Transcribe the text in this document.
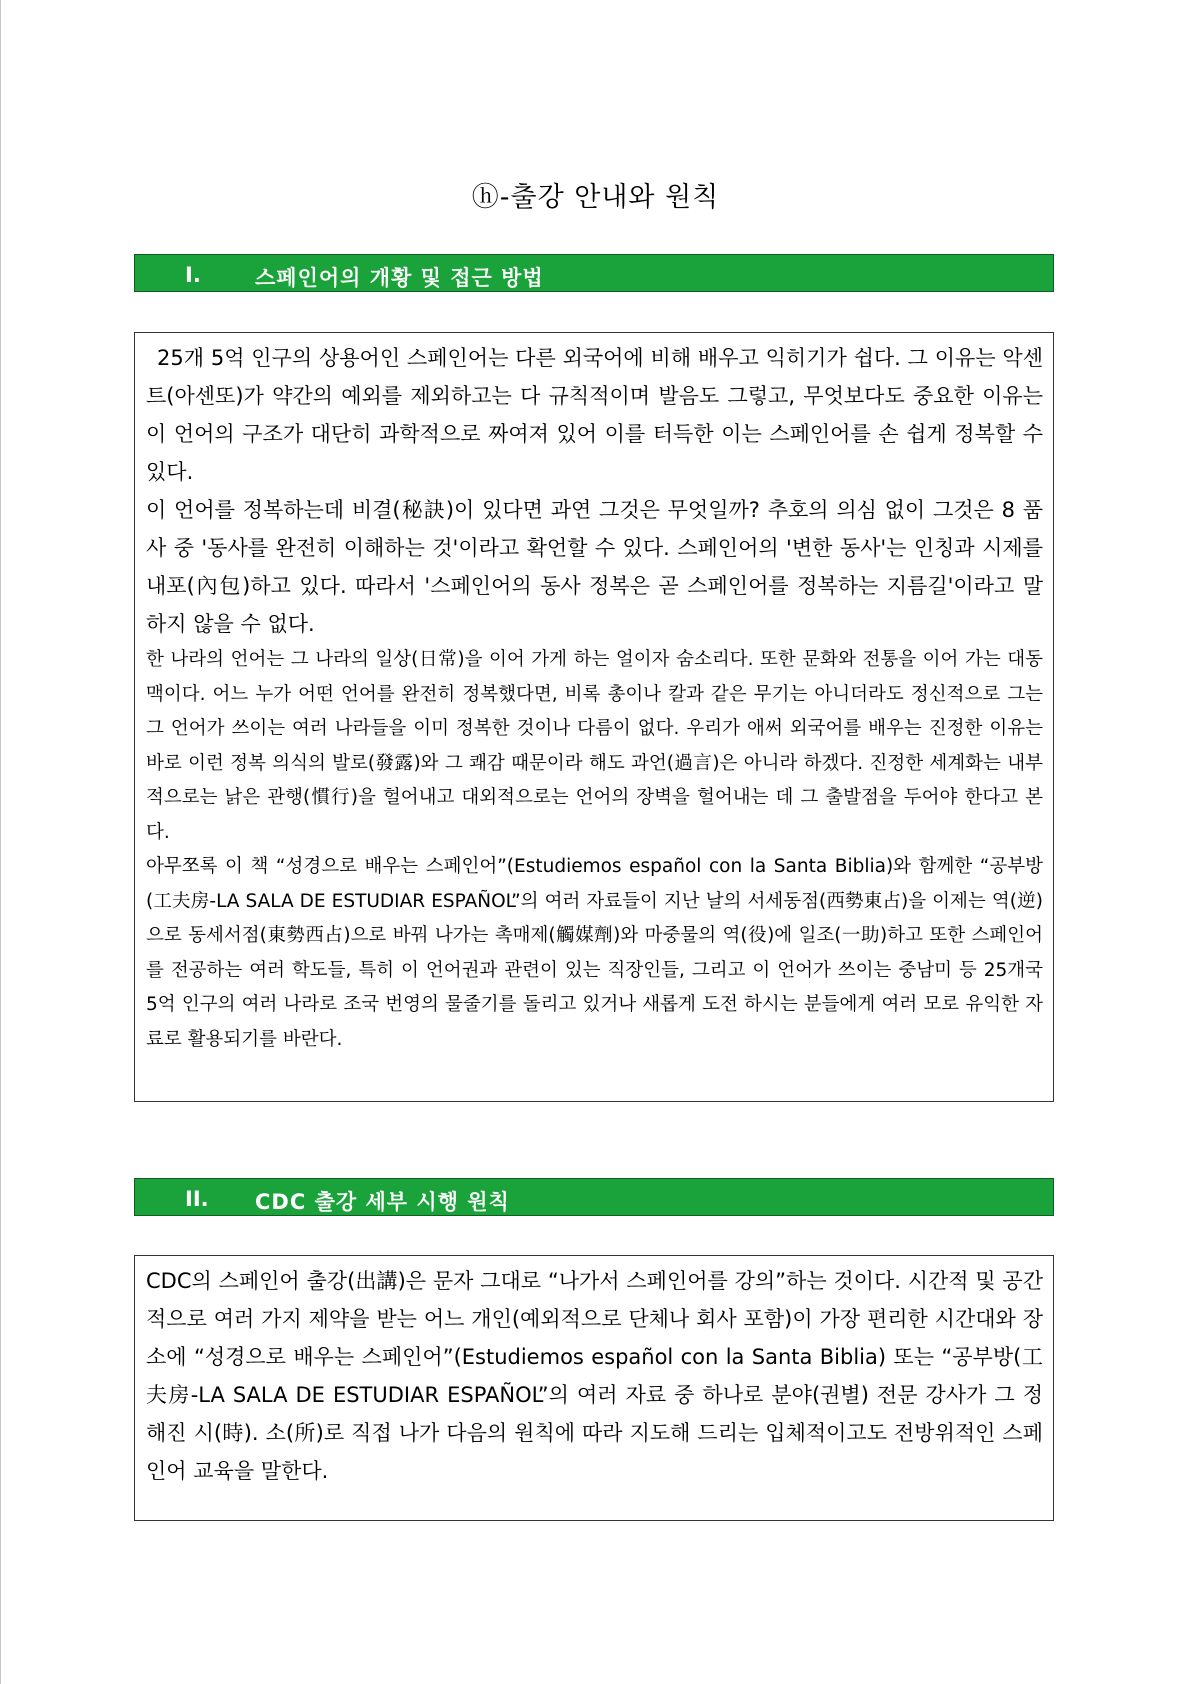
ⓗ-출강 안내와 원칙
I.	스페인어의 개황 및 접근 방법

25개 5억 인구의 상용어인 스페인어는 다른 외국어에 비해 배우고 익히기가 쉽다. 그 이유는 악센트(아센또)가 약간의 예외를 제외하고는 다 규칙적이며 발음도 그렇고, 무엇보다도 중요한 이유는 이 언어의 구조가 대단히 과학적으로 짜여져 있어 이를 터득한 이는 스페인어를 손 쉽게 정복할 수 있다.

이 언어를 정복하는데 비결(秘訣)이 있다면 과연 그것은 무엇일까? 추호의 의심 없이 그것은 8 품사 중 '동사를 완전히 이해하는 것'이라고 확언할 수 있다. 스페인어의 '변한 동사'는 인칭과 시제를 내포(內包)하고 있다. 따라서 '스페인어의 동사 정복은 곧 스페인어를 정복하는 지름길'이라고 말 하지 않을 수 없다.

한 나라의 언어는 그 나라의 일상(日常)을 이어 가게 하는 얼이자 숨소리다. 또한 문화와 전통을 이어 가는 대동맥이다. 어느 누가 어떤 언어를 완전히 정복했다면, 비록 총이나 칼과 같은 무기는 아니더라도 정신적으로 그는 그 언어가 쓰이는 여러 나라들을 이미 정복한 것이나 다름이 없다. 우리가 애써 외국어를 배우는 진정한 이유는 바로 이런 정복 의식의 발로(發露)와 그 쾌감 때문이라 해도 과언(過言)은 아니라 하겠다. 진정한 세계화는 내부적으로는 낡은 관행(慣行)을 헐어내고 대외적으로는 언어의 장벽을 헐어내는 데 그 출발점을 두어야 한다고 본다.

아무쪼록 이 책 “성경으로 배우는 스페인어”(Estudiemos español con la Santa Biblia)와 함께한 “공부방(工夫房-LA SALA DE ESTUDIAR ESPAÑOL”의 여러 자료들이 지난 날의 서세동점(西勢東占)을 이제는 역(逆)으로 동세서점(東勢西占)으로 바꿔 나가는 촉매제(觸媒劑)와 마중물의 역(役)에 일조(一助)하고 또한 스페인어를 전공하는 여러 학도들, 특히 이 언어권과 관련이 있는 직장인들, 그리고 이 언어가 쓰이는 중남미 등 25개국 5억 인구의 여러 나라로 조국 번영의 물줄기를 돌리고 있거나 새롭게 도전 하시는 분들에게 여러 모로 유익한 자료로 활용되기를 바란다.

II. CDC 출강 세부 시행 원칙

CDC의 스페인어 출강(出講)은 문자 그대로 “나가서 스페인어를 강의”하는 것이다. 시간적 및 공간적으로 여러 가지 제약을 받는 어느 개인(예외적으로 단체나 회사 포함)이 가장 편리한 시간대와 장소에 “성경으로 배우는 스페인어”(Estudiemos español con la Santa Biblia) 또는 “공부방(工夫房-LA SALA DE ESTUDIAR ESPAÑOL”의 여러 자료 중 하나로 분야(권별) 전문 강사가 그 정해진 시(時). 소(所)로 직접 나가 다음의 원칙에 따라 지도해 드리는 입체적이고도 전방위적인 스페인어 교육을 말한다.
